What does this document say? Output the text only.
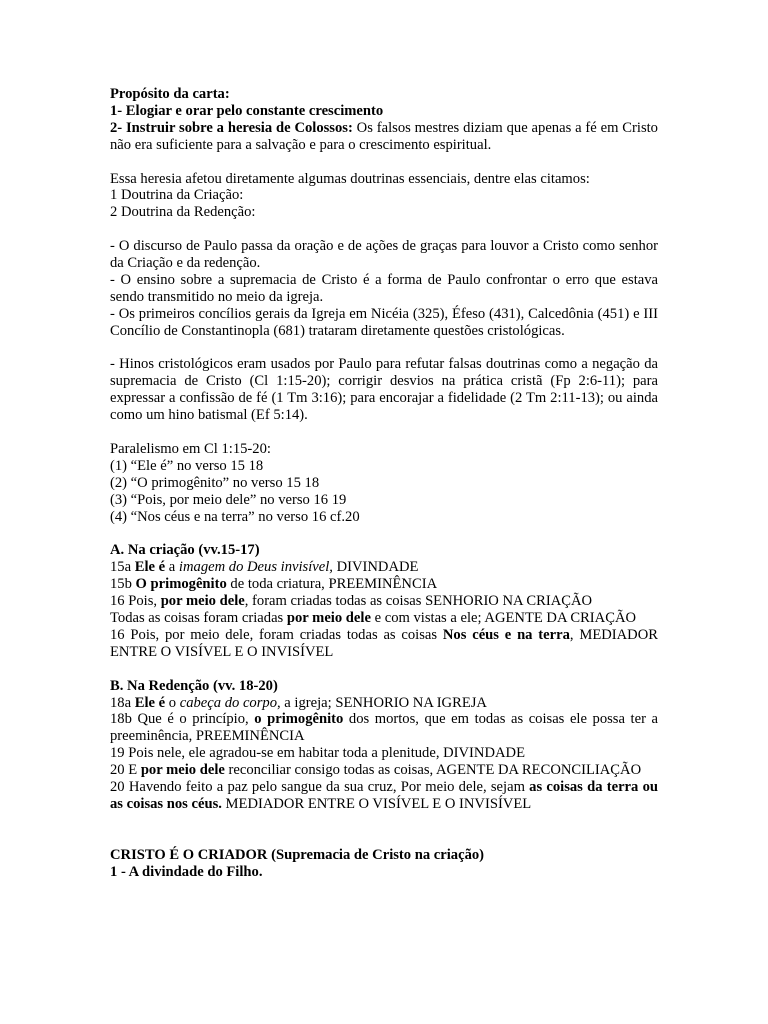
Propósito da carta:

1- Elogiar e orar pelo constante crescimento

2- Instruir sobre a heresia de Colossos: Os falsos mestres diziam que apenas a fé em Cristo não era suficiente para a salvação e para o crescimento espiritual.

Essa heresia afetou diretamente algumas doutrinas essenciais, dentre elas citamos:

1 Doutrina da Criação:

2 Doutrina da Redenção:

- O discurso de Paulo passa da oração e de ações de graças para louvor a Cristo como senhor da Criação e da redenção.

- O ensino sobre a supremacia de Cristo é a forma de Paulo confrontar o erro que estava sendo transmitido no meio da igreja.

- Os primeiros concílios gerais da Igreja em Nicéia (325), Éfeso (431), Calcedônia (451) e III Concílio de Constantinopla (681) trataram diretamente questões cristológicas.

- Hinos cristológicos eram usados por Paulo para refutar falsas doutrinas como a negação da supremacia de Cristo (Cl 1:15-20); corrigir desvios na prática cristã (Fp 2:6-11); para expressar a confissão de fé (1 Tm 3:16); para encorajar a fidelidade (2 Tm 2:11-13); ou ainda como um hino batismal (Ef 5:14).

Paralelismo em Cl 1:15-20:

(1) “Ele é” no verso 15 18

(2) “O primogênito” no verso 15 18

(3) “Pois, por meio dele” no verso 16 19

(4) “Nos céus e na terra” no verso 16 cf.20

A. Na criação (vv.15-17)

15a Ele é a imagem do Deus invisível, DIVINDADE

15b O primogênito de toda criatura, PREEMINÊNCIA

16 Pois, por meio dele, foram criadas todas as coisas SENHORIO NA CRIAÇÃO

Todas as coisas foram criadas por meio dele e com vistas a ele; AGENTE DA CRIAÇÃO

16 Pois, por meio dele, foram criadas todas as coisas Nos céus e na terra, MEDIADOR ENTRE O VISÍVEL E O INVISÍVEL

B. Na Redenção (vv. 18-20)

18a Ele é o cabeça do corpo, a igreja; SENHORIO NA IGREJA

18b Que é o princípio, o primogênito dos mortos, que em todas as coisas ele possa ter a preeminência, PREEMINÊNCIA

19 Pois nele, ele agradou-se em habitar toda a plenitude, DIVINDADE

20 E por meio dele reconciliar consigo todas as coisas, AGENTE DA RECONCILIAÇÃO

20 Havendo feito a paz pelo sangue da sua cruz, Por meio dele, sejam as coisas da terra ou as coisas nos céus. MEDIADOR ENTRE O VISÍVEL E O INVISÍVEL

CRISTO É O CRIADOR (Supremacia de Cristo na criação)

1 - A divindade do Filho.
